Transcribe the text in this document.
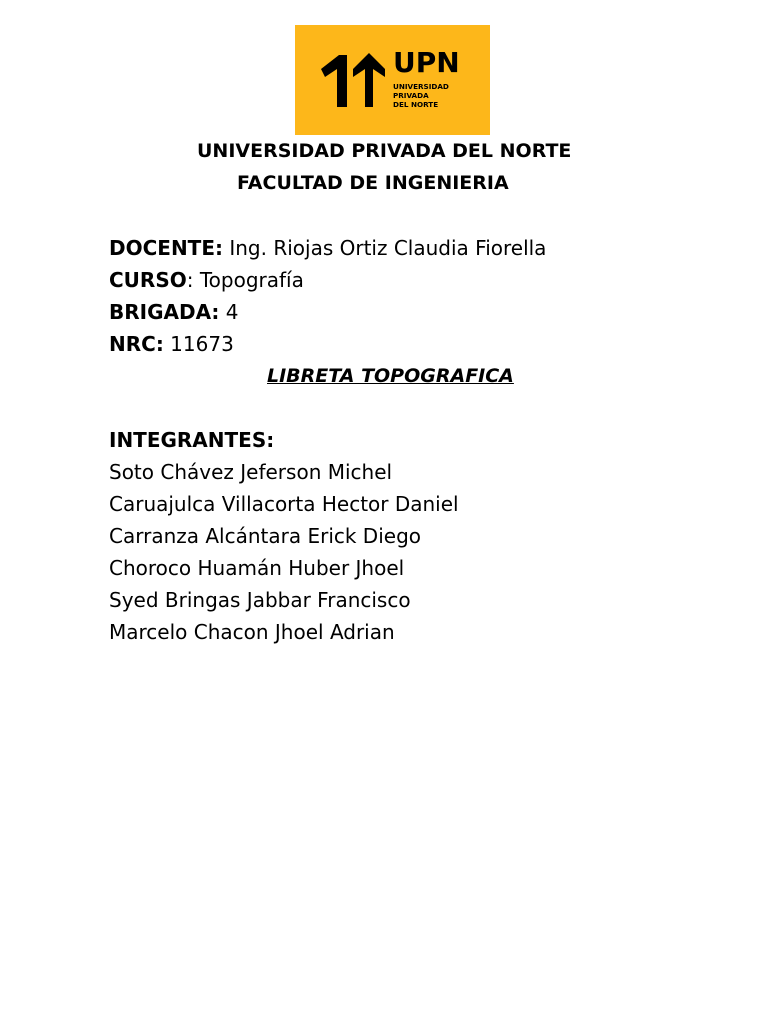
UPN
UNIVERSIDAD
PRIVADA
DEL NORTE
UNIVERSIDAD PRIVADA DEL NORTE
FACULTAD DE INGENIERIA
DOCENTE: Ing. Riojas Ortiz Claudia Fiorella
CURSO: Topografía
BRIGADA: 4
NRC: 11673
LIBRETA TOPOGRAFICA
INTEGRANTES:
Soto Chávez Jeferson Michel
Caruajulca Villacorta Hector Daniel
Carranza Alcántara Erick Diego
Choroco Huamán Huber Jhoel
Syed Bringas Jabbar Francisco
Marcelo Chacon Jhoel Adrian
